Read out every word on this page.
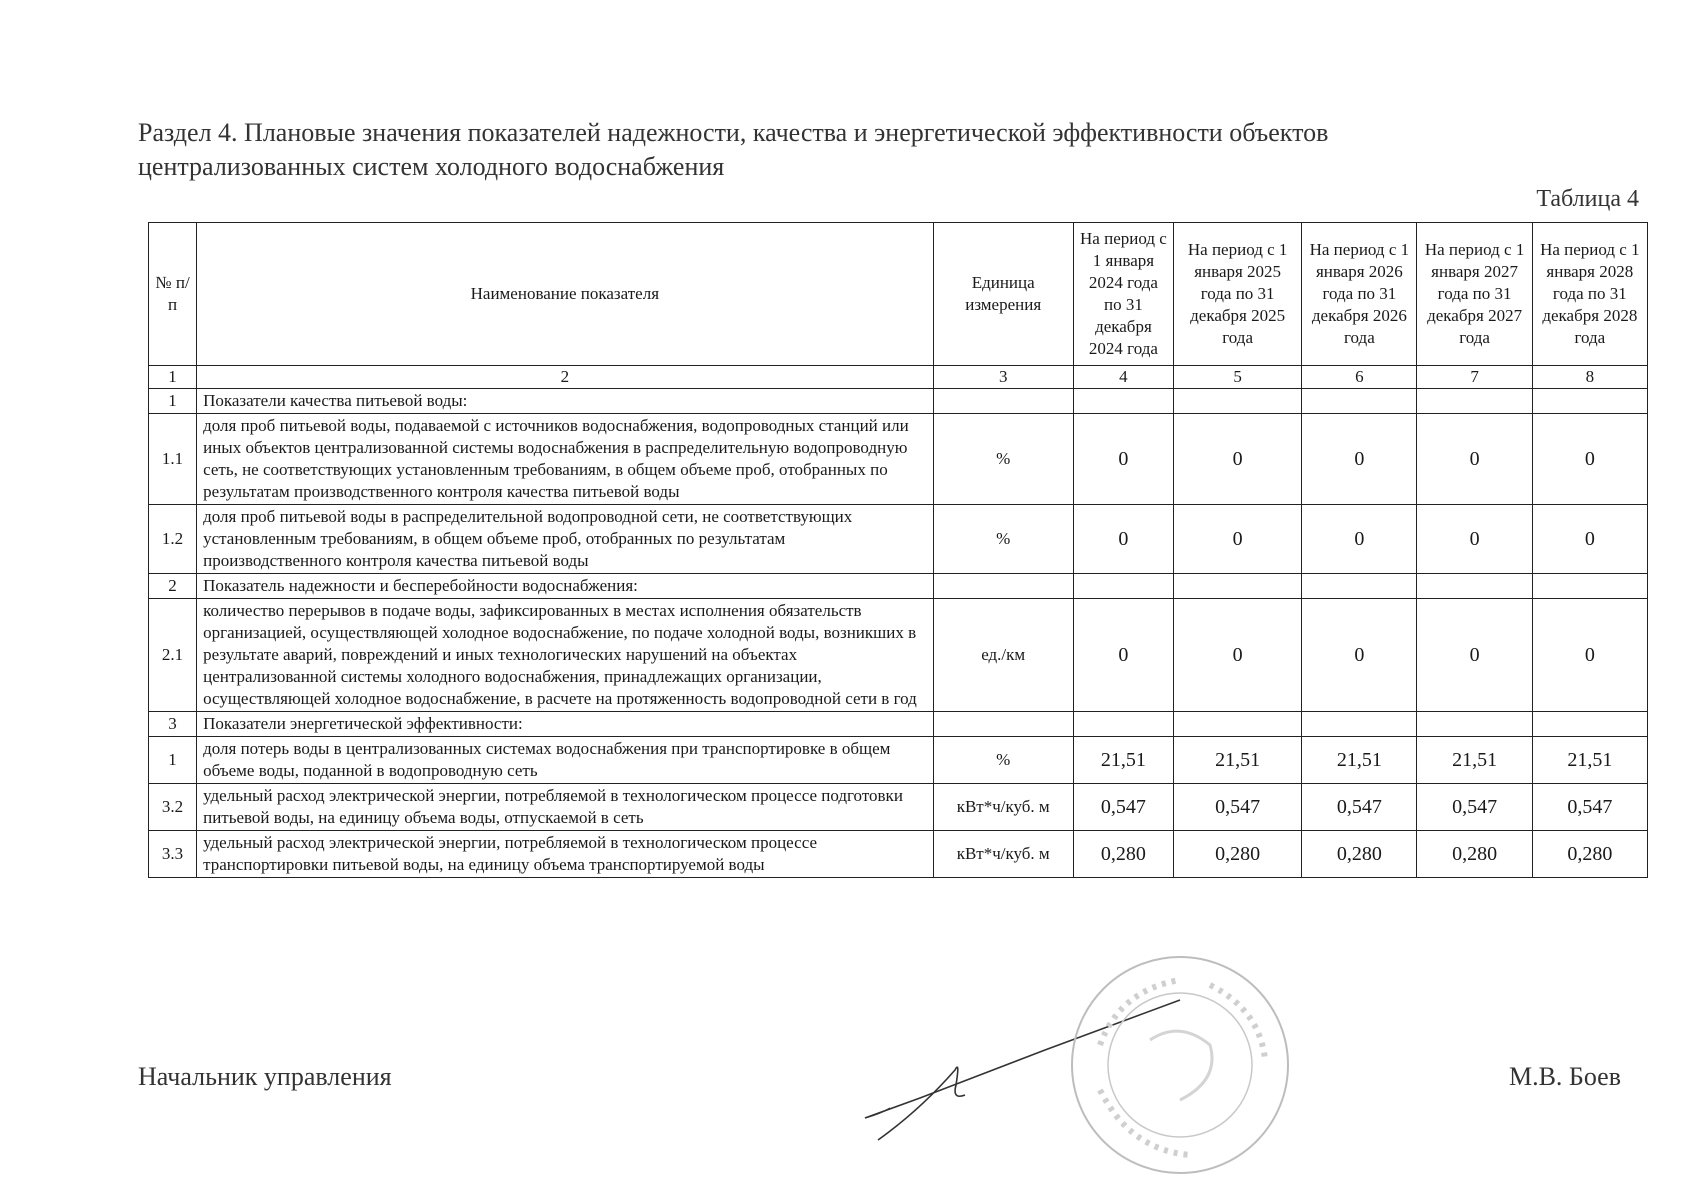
Раздел 4. Плановые значения показателей надежности, качества и энергетической эффективности объектов централизованных систем холодного водоснабжения
Таблица 4
№ п/п	Наименование показателя	Единица измерения	На период с 1 января 2024 года по 31 декабря 2024 года	На период с 1 января 2025 года по 31 декабря 2025 года	На период с 1 января 2026 года по 31 декабря 2026 года	На период с 1 января 2027 года по 31 декабря 2027 года	На период с 1 января 2028 года по 31 декабря 2028 года
1	2	3	4	5	6	7	8
1	Показатели качества питьевой воды:						
1.1	доля проб питьевой воды, подаваемой с источников водоснабжения, водопроводных станций или иных объектов централизованной системы водоснабжения в распределительную водопроводную сеть, не соответствующих установленным требованиям, в общем объеме проб, отобранных по результатам производственного контроля качества питьевой воды	%	0	0	0	0	0
1.2	доля проб питьевой воды в распределительной водопроводной сети, не соответствующих установленным требованиям, в общем объеме проб, отобранных по результатам производственного контроля качества питьевой воды	%	0	0	0	0	0
2	Показатель надежности и бесперебойности водоснабжения:						
2.1	количество перерывов в подаче воды, зафиксированных в местах исполнения обязательств организацией, осуществляющей холодное водоснабжение, по подаче холодной воды, возникших в результате аварий, повреждений и иных технологических нарушений на объектах централизованной системы холодного водоснабжения, принадлежащих организации, осуществляющей холодное водоснабжение, в расчете на протяженность водопроводной сети в год	ед./км	0	0	0	0	0
3	Показатели энергетической эффективности:						
1	доля потерь воды в централизованных системах водоснабжения при транспортировке в общем объеме воды, поданной в водопроводную сеть	%	21,51	21,51	21,51	21,51	21,51
3.2	удельный расход электрической энергии, потребляемой в технологическом процессе подготовки питьевой воды, на единицу объема воды, отпускаемой в сеть	кВт*ч/куб. м	0,547	0,547	0,547	0,547	0,547
3.3	удельный расход электрической энергии, потребляемой в технологическом процессе транспортировки питьевой воды, на единицу объема транспортируемой воды	кВт*ч/куб. м	0,280	0,280	0,280	0,280	0,280
Начальник управления	М.В. Боев
